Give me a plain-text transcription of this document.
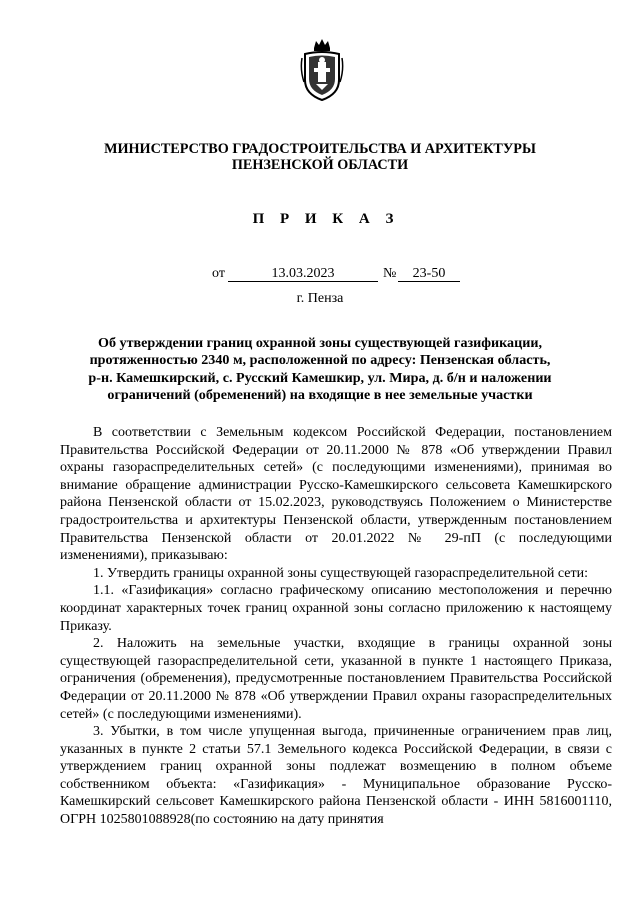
МИНИСТЕРСТВО ГРАДОСТРОИТЕЛЬСТВА И АРХИТЕКТУРЫ
ПЕНЗЕНСКОЙ ОБЛАСТИ
П Р И К А З
от	13.03.2023	№	23-50
г. Пенза
Об утверждении границ охранной зоны существующей газификации,
протяженностью 2340 м, расположенной по адресу: Пензенская область,
р-н. Камешкирский, с. Русский Камешкир, ул. Мира, д. б/н и наложении
ограничений (обременений) на входящие в нее земельные участки

В соответствии с Земельным кодексом Российской Федерации, постановлением Правительства Российской Федерации от 20.11.2000 № 878 «Об утверждении Правил охраны газораспределительных сетей» (с последующими изменениями), принимая во внимание обращение администрации Русско-Камешкирского сельсовета Камешкирского района Пензенской области от 15.02.2023, руководствуясь Положением о Министерстве градостроительства и архитектуры Пензенской области, утвержденным постановлением Правительства Пензенской области от 20.01.2022 № 29-пП (с последующими изменениями), приказываю:

1. Утвердить границы охранной зоны существующей газораспределительной сети:

1.1. «Газификация» согласно графическому описанию местоположения и перечню координат характерных точек границ охранной зоны согласно приложению к настоящему Приказу.

2. Наложить на земельные участки, входящие в границы охранной зоны существующей газораспределительной сети, указанной в пункте 1 настоящего Приказа, ограничения (обременения), предусмотренные постановлением Правительства Российской Федерации от 20.11.2000 № 878 «Об утверждении Правил охраны газораспределительных сетей» (с последующими изменениями).

3. Убытки, в том числе упущенная выгода, причиненные ограничением прав лиц, указанных в пункте 2 статьи 57.1 Земельного кодекса Российской Федерации, в связи с утверждением границ охранной зоны подлежат возмещению в полном объеме собственником объекта: «Газификация» - Муниципальное образование Русско-Камешкирский сельсовет Камешкирского района Пензенской области - ИНН 5816001110, ОГРН 1025801088928(по состоянию на дату принятия
